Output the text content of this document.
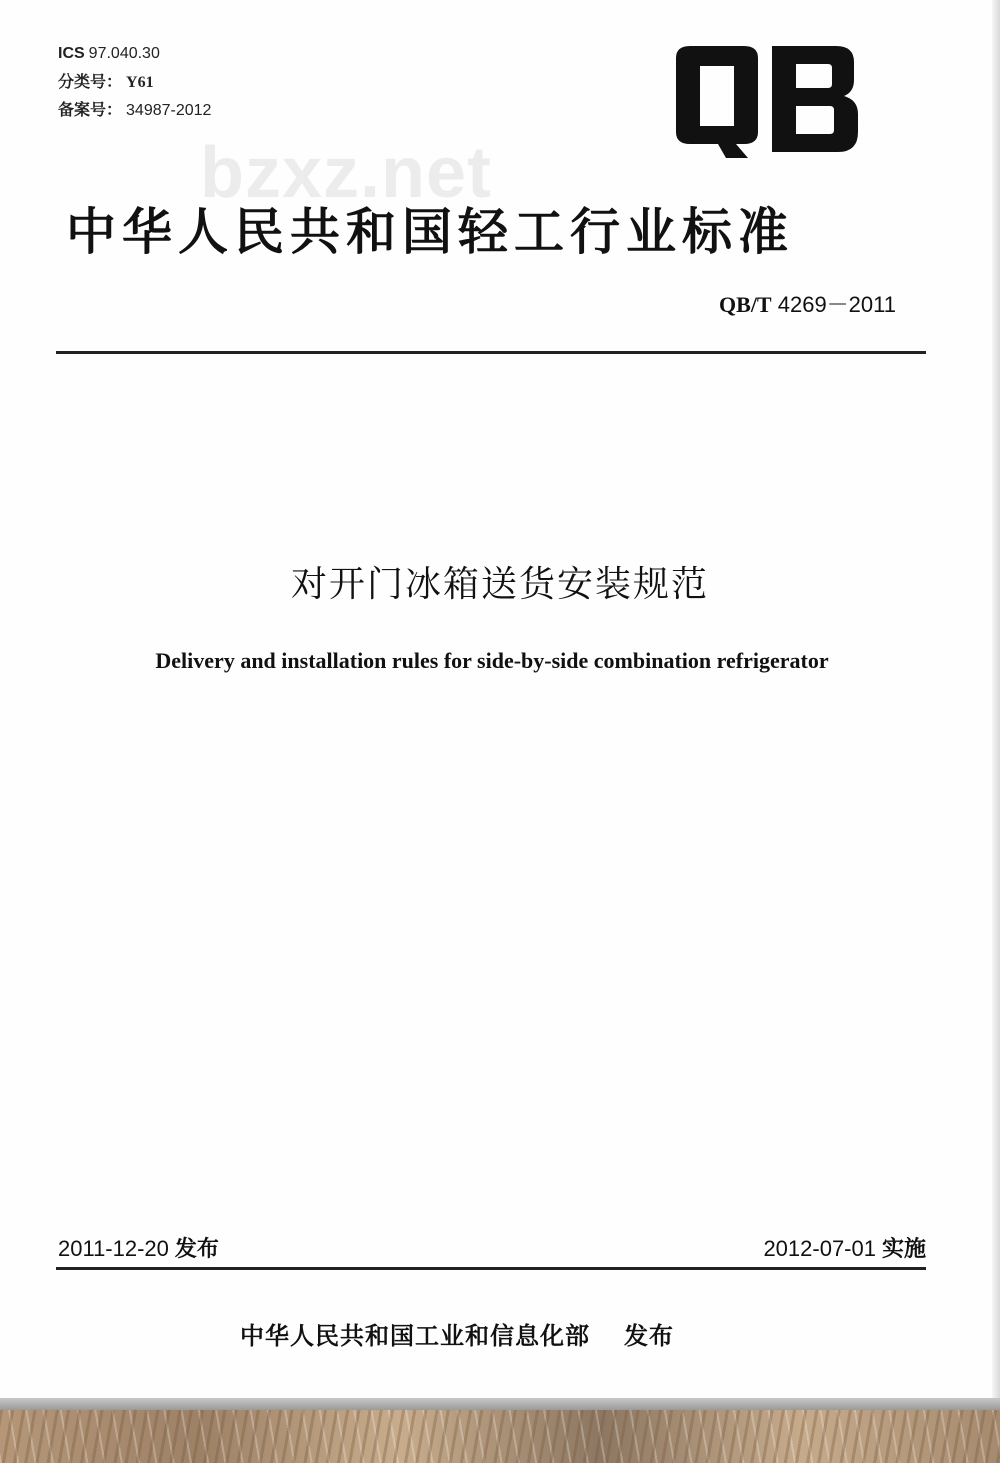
ICS 97.040.30
分类号： Y61
备案号： 34987-2012
bzxz.net
中华人民共和国轻工行业标准
QB/T 4269－2011
对开门冰箱送货安装规范
Delivery and installation rules for side-by-side combination refrigerator
2011-12-20 发布	2012-07-01 实施
中华人民共和国工业和信息化部 发布
